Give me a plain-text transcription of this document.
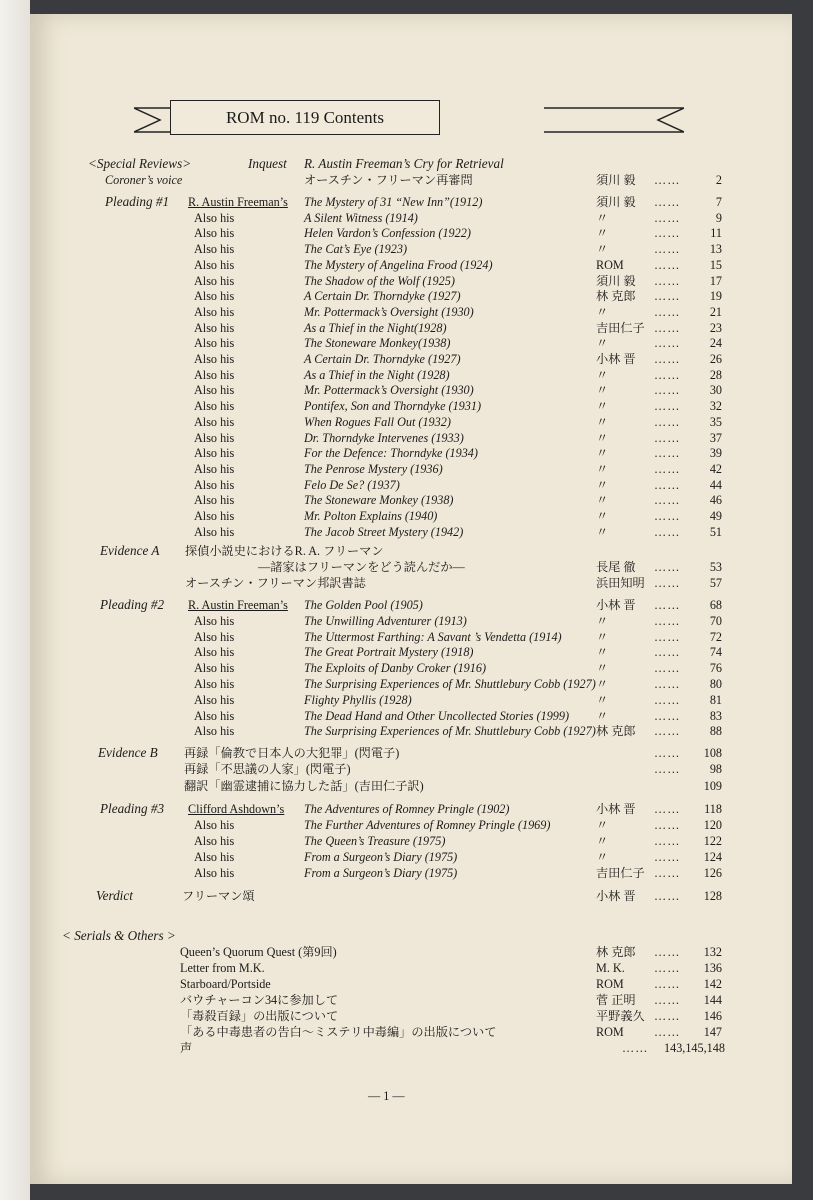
ROM no. 119 Contents
<Special Reviews>	Inquest R. Austin Freeman’s Cry for Retrieval
Coroner’s voice	オースチン・フリーマン再審問	須川 毅 ……	2
Pleading #1 R. Austin Freeman’s The Mystery of 31 “New Inn”(1912)	須川 毅 ……	7
Also his	A Silent Witness (1914)	〃	……	9
Also his	Helen Vardon’s Confession (1922)	〃	……	11
Also his	The Cat’s Eye (1923)	〃	……	13
Also his	The Mystery of Angelina Frood (1924)	ROM ……	15
Also his	The Shadow of the Wolf (1925)	須川 毅 ……	17
Also his	A Certain Dr. Thorndyke (1927)	林 克郎 ……	19
Also his	Mr. Pottermack’s Oversight (1930)	〃	……	21
Also his	As a Thief in the Night(1928)	吉田仁子 ……	23
Also his	The Stoneware Monkey(1938)	〃	……	24
Also his	A Certain Dr. Thorndyke (1927)	小林 晋 ……	26
Also his	As a Thief in the Night (1928)	〃	……	28
Also his	Mr. Pottermack’s Oversight (1930)	〃	……	30
Also his	Pontifex, Son and Thorndyke (1931)	〃	……	32
Also his	When Rogues Fall Out (1932)	〃	……	35
Also his	Dr. Thorndyke Intervenes (1933)	〃	……	37
Also his	For the Defence: Thorndyke (1934)	〃	……	39
Also his	The Penrose Mystery (1936)	〃	……	42
Also his	Felo De Se? (1937)	〃	……	44
Also his	The Stoneware Monkey (1938)	〃	……	46
Also his	Mr. Polton Explains (1940)	〃	……	49
Also his	The Jacob Street Mystery (1942)	〃	……	51
Evidence A 探偵小説史におけるR. A. フリーマン
―諸家はフリーマンをどう読んだか―	長尾 徹 ……	53
オースチン・フリーマン邦訳書誌	浜田知明 ……	57
Pleading #2 R. Austin Freeman’s The Golden Pool (1905)	小林 晋 ……	68
Also his	The Unwilling Adventurer (1913)	〃	……	70
Also his	The Uttermost Farthing: A Savant ’s Vendetta (1914)	〃	……	72
Also his	The Great Portrait Mystery (1918)	〃	……	74
Also his	The Exploits of Danby Croker (1916)	〃	……	76
Also his	The Surprising Experiences of Mr. Shuttlebury Cobb (1927) 〃	……	80
Also his	Flighty Phyllis (1928)	〃	……	81
Also his	The Dead Hand and Other Uncollected Stories (1999) 〃	……	83
Also his	The Surprising Experiences of Mr. Shuttlebury Cobb (1927) 林 克郎 ……	88
Evidence B 再録「倫教で日本人の大犯罪」(閃電子)	……	108
再録「不思議の人家」(閃電子)	……	98
翻訳「幽霊逮捕に協力した話」(吉田仁子訳)	109
Pleading #3 Clifford Ashdown’s The Adventures of Romney Pringle (1902)	小林 晋 ……	118
Also his	The Further Adventures of Romney Pringle (1969)	〃	……	120
Also his	The Queen’s Treasure (1975)	〃	……	122
Also his	From a Surgeon’s Diary (1975)	〃	……	124
Also his	From a Surgeon’s Diary (1975)	吉田仁子 ……	126
Verdict	フリーマン頌	小林 晋 ……	128
< Serials & Others >
Queen’s Quorum Quest (第9回)	林 克郎 ……	132
Letter from M.K.	M. K. ……	136
Starboard/Portside	ROM ……	142
バウチャーコン34に参加して	菅 正明 ……	144
「毒殺百録」の出版について	平野義久 ……	146
「ある中毒患者の告白～ミステリ中毒編」の出版について	ROM ……	147
声	…… 143,145,148
― 1 ―
